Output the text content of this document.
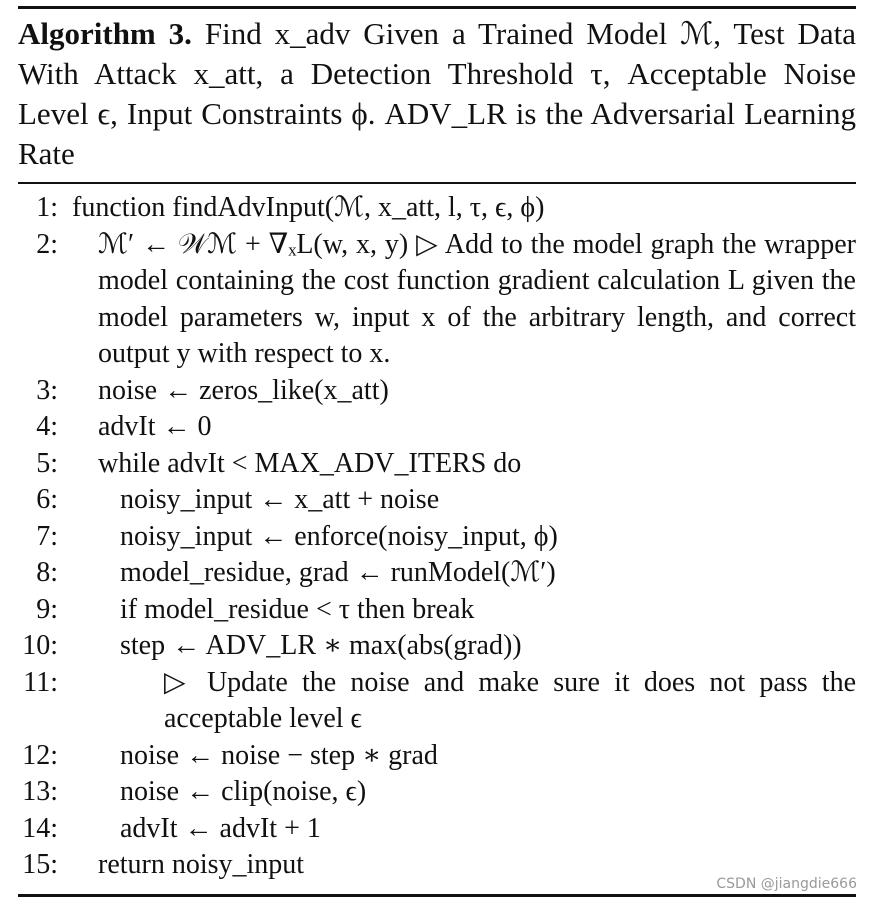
Algorithm 3. Find x_adv Given a Trained Model ℳ, Test Data With Attack x_att, a Detection Threshold τ, Acceptable Noise Level ϵ, Input Constraints ϕ. ADV_LR is the Adversarial Learning Rate
1: function findAdvInput(ℳ, x_att, l, τ, ϵ, ϕ)
2:	ℳ′ ← 𝒲ℳ + ∇ₓL(w, x, y) ▷ Add to the model graph the wrapper model containing the cost function gradient calculation L given the model parameters w, input x of the arbitrary length, and correct output y with respect to x.
3:	noise ← zeros_like(x_att)
4:	advIt ← 0
5:	while advIt < MAX_ADV_ITERS do
6:	noisy_input ← x_att + noise
7:	noisy_input ← enforce(noisy_input, ϕ)
8:	model_residue, grad ← runModel(ℳ′)
9:	if model_residue < τ then break
10:	step ← ADV_LR ∗ max(abs(grad))
11:	▷ Update the noise and make sure it does not pass the acceptable level ϵ
12:	noise ← noise − step ∗ grad
13:	noise ← clip(noise, ϵ)
14:	advIt ← advIt + 1
15:	return noisy_input
CSDN @jiangdie666
